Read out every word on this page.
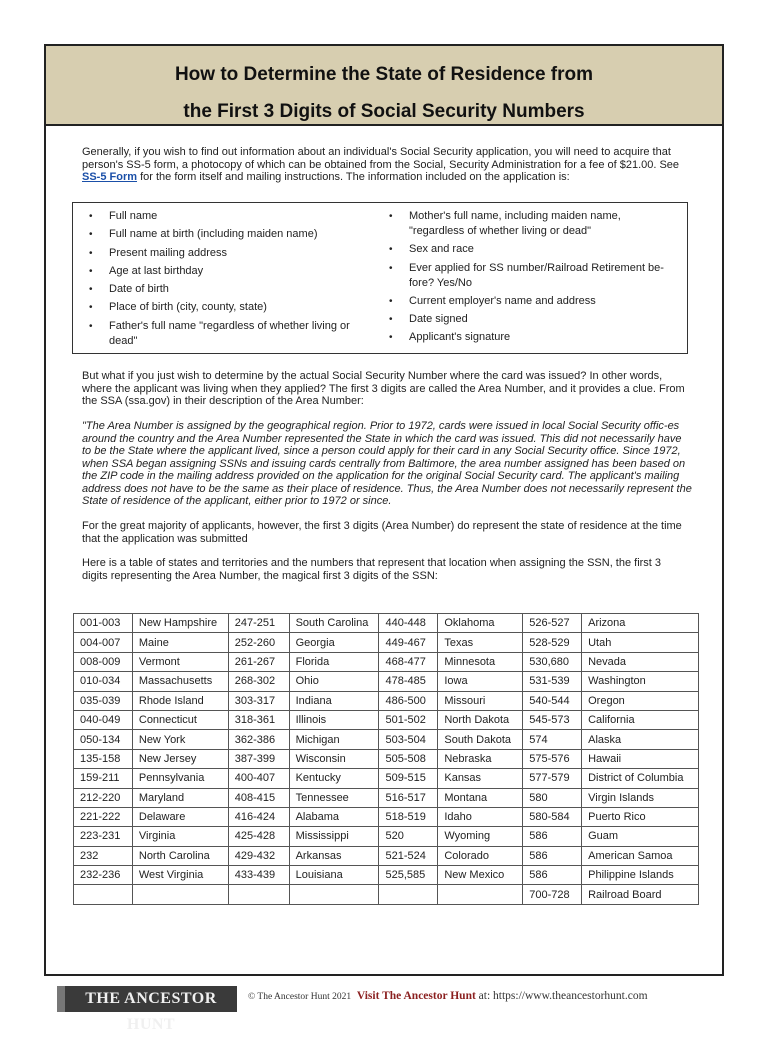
How to Determine the State of Residence from
the First 3 Digits of Social Security Numbers

Generally, if you wish to find out information about an individual's Social Security application, you will need to acquire that person's SS-5 form, a photocopy of which can be obtained from the Social, Security Administration for a fee of $21.00. See SS-5 Form for the form itself and mailing instructions. The information included on the application is:

• Full name
• Full name at birth (including maiden name)
• Present mailing address
• Age at last birthday
• Date of birth
• Place of birth (city, county, state)
• Father's full name "regardless of whether living or dead"
• Mother's full name, including maiden name, "regardless of whether living or dead"
• Sex and race
• Ever applied for SS number/Railroad Retirement be-fore? Yes/No
• Current employer's name and address
• Date signed
• Applicant's signature

But what if you just wish to determine by the actual Social Security Number where the card was issued? In other words, where the applicant was living when they applied? The first 3 digits are called the Area Number, and it provides a clue. From the SSA (ssa.gov) in their description of the Area Number:

"The Area Number is assigned by the geographical region. Prior to 1972, cards were issued in local Social Security offic-es around the country and the Area Number represented the State in which the card was issued. This did not necessarily have to be the State where the applicant lived, since a person could apply for their card in any Social Security office. Since 1972, when SSA began assigning SSNs and issuing cards centrally from Baltimore, the area number assigned has been based on the ZIP code in the mailing address provided on the application for the original Social Security card. The applicant's mailing address does not have to be the same as their place of residence. Thus, the Area Number does not necessarily represent the State of residence of the applicant, either prior to 1972 or since.

For the great majority of applicants, however, the first 3 digits (Area Number) do represent the state of residence at the time that the application was submitted

Here is a table of states and territories and the numbers that represent that location when assigning the SSN, the first 3 digits representing the Area Number, the magical first 3 digits of the SSN:

001-003	New Hampshire	247-251	South Carolina	440-448	Oklahoma	526-527	Arizona
004-007	Maine	252-260	Georgia	449-467	Texas	528-529	Utah
008-009	Vermont	261-267	Florida	468-477	Minnesota	530,680	Nevada
010-034	Massachusetts	268-302	Ohio	478-485	Iowa	531-539	Washington
035-039	Rhode Island	303-317	Indiana	486-500	Missouri	540-544	Oregon
040-049	Connecticut	318-361	Illinois	501-502	North Dakota	545-573	California
050-134	New York	362-386	Michigan	503-504	South Dakota	574	Alaska
135-158	New Jersey	387-399	Wisconsin	505-508	Nebraska	575-576	Hawaii
159-211	Pennsylvania	400-407	Kentucky	509-515	Kansas	577-579	District of Columbia
212-220	Maryland	408-415	Tennessee	516-517	Montana	580	Virgin Islands
221-222	Delaware	416-424	Alabama	518-519	Idaho	580-584	Puerto Rico
223-231	Virginia	425-428	Mississippi	520	Wyoming	586	Guam
232	North Carolina	429-432	Arkansas	521-524	Colorado	586	American Samoa
232-236	West Virginia	433-439	Louisiana	525,585	New Mexico	586	Philippine Islands
						700-728	Railroad Board
THE ANCESTOR HUNT
© The Ancestor Hunt 2021 Visit The Ancestor Hunt at: https://www.theancestorhunt.com
